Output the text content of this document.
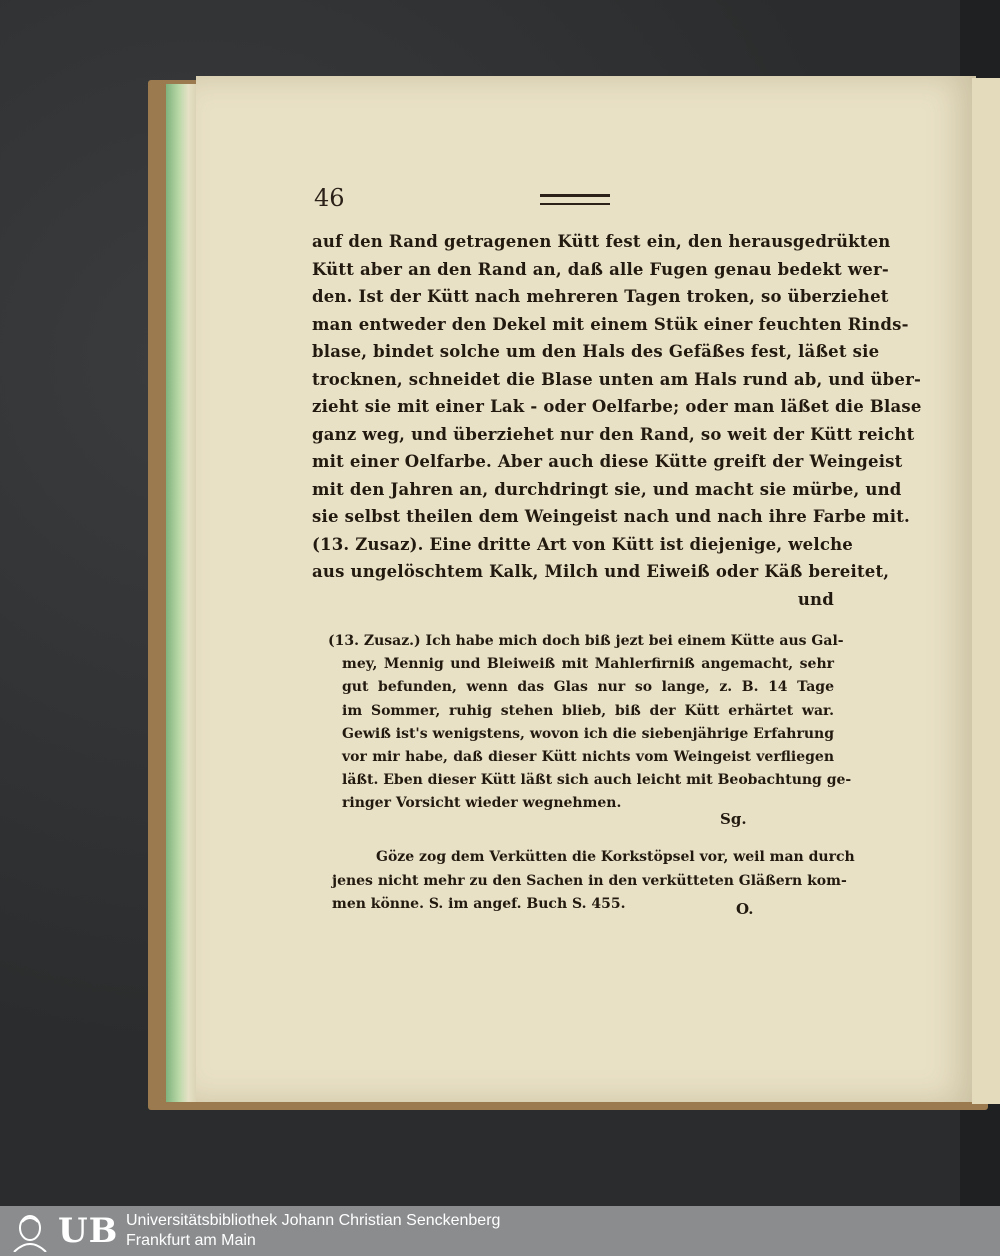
46
auf den Rand getragenen Kütt fest ein, den herausgedrükten
Kütt aber an den Rand an, daß alle Fugen genau bedekt wer-
den. Ist der Kütt nach mehreren Tagen troken, so überziehet
man entweder den Dekel mit einem Stük einer feuchten Rinds-
blase, bindet solche um den Hals des Gefäßes fest, läßet sie
trocknen, schneidet die Blase unten am Hals rund ab, und über-
zieht sie mit einer Lak - oder Oelfarbe; oder man läßet die Blase
ganz weg, und überziehet nur den Rand, so weit der Kütt reicht
mit einer Oelfarbe. Aber auch diese Kütte greift der Weingeist
mit den Jahren an, durchdringt sie, und macht sie mürbe, und
sie selbst theilen dem Weingeist nach und nach ihre Farbe mit.
(13. Zusaz). Eine dritte Art von Kütt ist diejenige, welche
aus ungelöschtem Kalk, Milch und Eiweiß oder Käß bereitet,
und
(13. Zusaz.) Ich habe mich doch biß jezt bei einem Kütte aus Gal-
mey, Mennig und Bleiweiß mit Mahlerfirniß angemacht, sehr
gut befunden, wenn das Glas nur so lange, z. B. 14 Tage
im Sommer, ruhig stehen blieb, biß der Kütt erhärtet war.
Gewiß ist's wenigstens, wovon ich die siebenjährige Erfahrung
vor mir habe, daß dieser Kütt nichts vom Weingeist verfliegen
läßt. Eben dieser Kütt läßt sich auch leicht mit Beobachtung ge-
ringer Vorsicht wieder wegnehmen.
Sg.
Göze zog dem Verkütten die Korkstöpsel vor, weil man durch
jenes nicht mehr zu den Sachen in den verkütteten Gläßern kom-
men könne. S. im angef. Buch S. 455.	O.
UB Universitätsbibliothek Johann Christian Senckenberg
Frankfurt am Main
